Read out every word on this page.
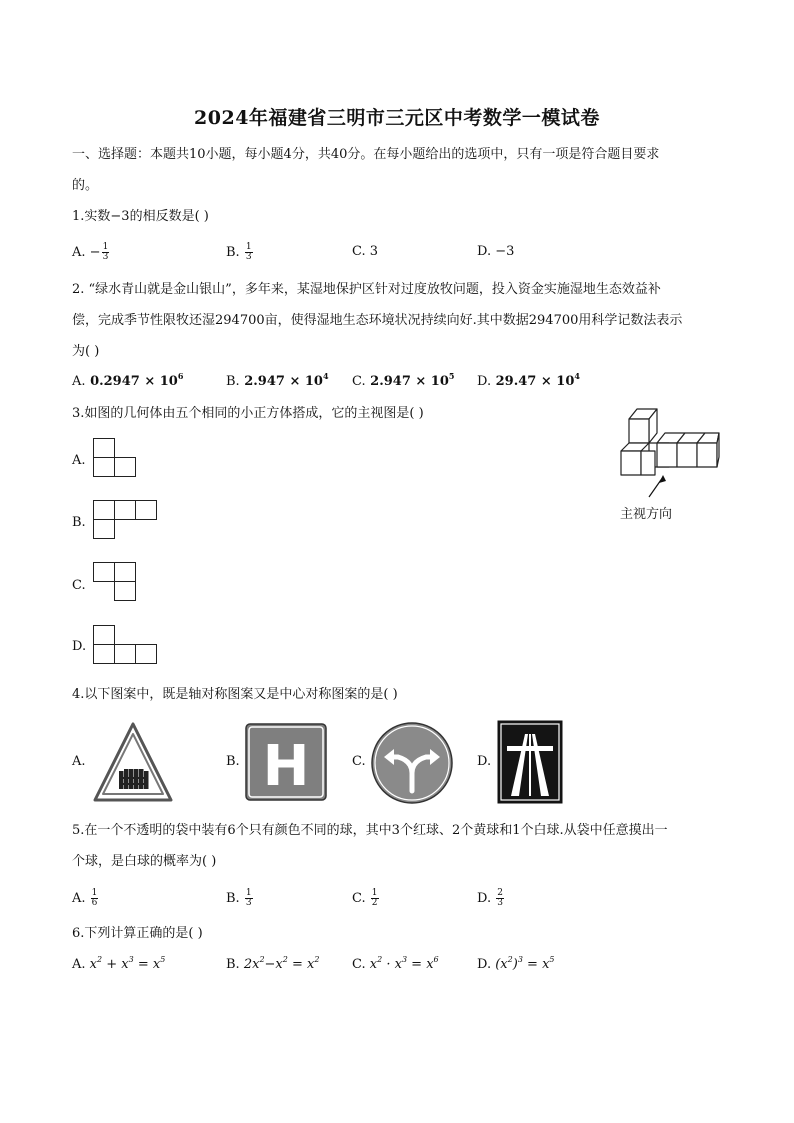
2024年福建省三明市三元区中考数学一模试卷
一、选择题：本题共10小题，每小题4分，共40分。在每小题给出的选项中，只有一项是符合题目要求
的。
1.实数−3的相反数是( )
A. − $\frac{1}{3}$	B. $\frac{1}{3}$	C. 3	D. −3
2. “绿水青山就是金山银山”，多年来，某湿地保护区针对过度放牧问题，投入资金实施湿地生态效益补
偿，完成季节性限牧还湿294700亩，使得湿地生态环境状况持续向好.其中数据294700用科学记数法表示
为( )
A. $0.2947 \times 10^6$	B. $2.947 \times 10^4$ C. $2.947 \times 10^5$ D. $29.47 \times 10^4$
3.如图的几何体由五个相同的小正方体搭成，它的主视图是( )
主视方向
A.
B.
C.
D.
4.以下图案中，既是轴对称图案又是中心对称图案的是( )
A.	B. H	C.	D.
5.在一个不透明的袋中装有6个只有颜色不同的球，其中3个红球、2个黄球和1个白球.从袋中任意摸出一
个球，是白球的概率为( )
A. $\frac{1}{6}$	B. $\frac{1}{3}$	C. $\frac{1}{2}$	D. $\frac{2}{3}$
6.下列计算正确的是( )
A. $x^2 + x^3 = x^5$	B. $2x^2-x^2 = x^2$	C. $x^2 \cdot x^3 = x^6$	D. $(x^2)^3 = x^5$
